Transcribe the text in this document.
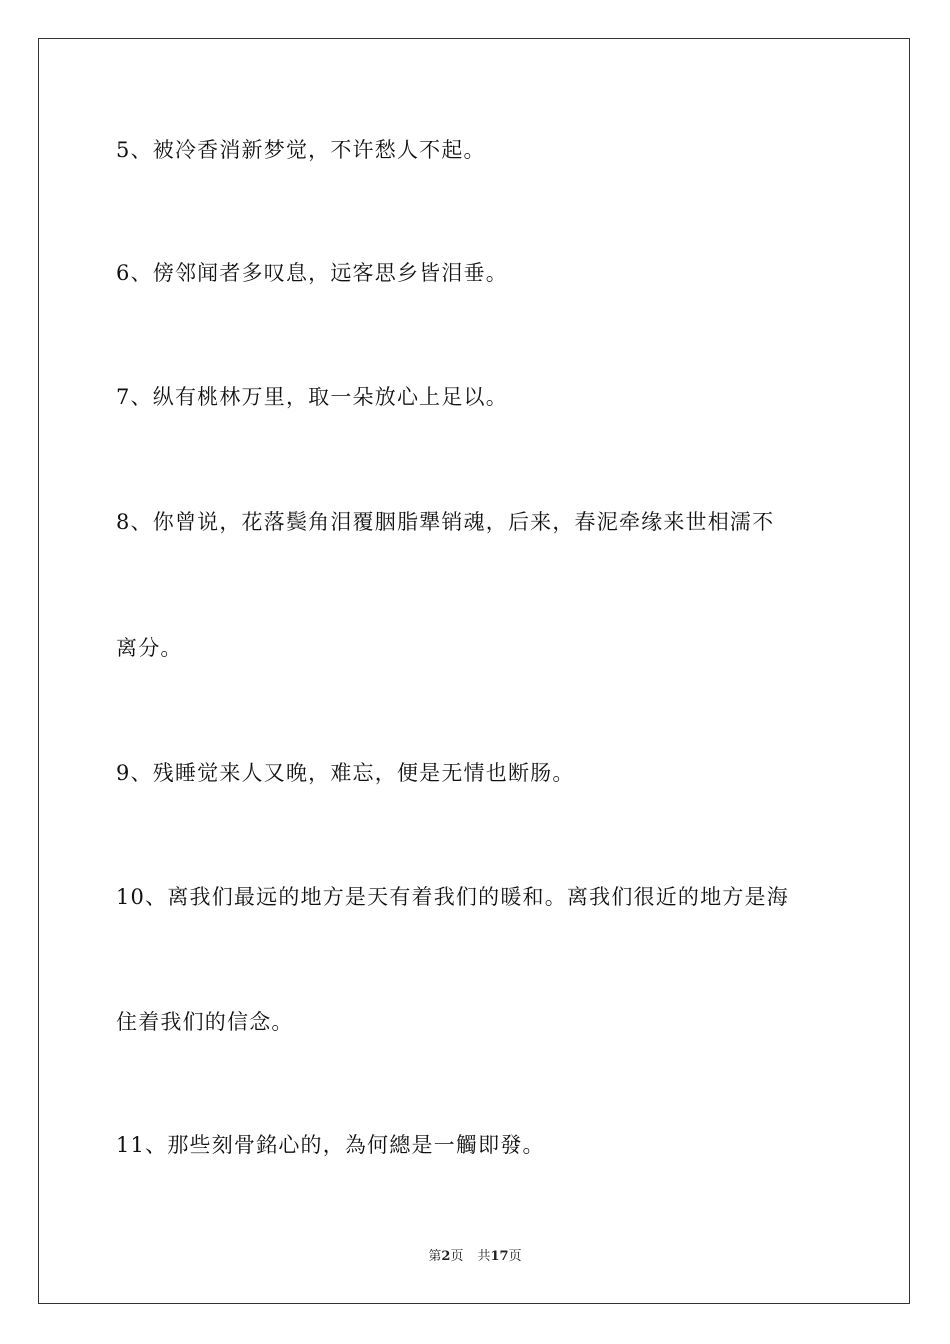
5、被冷香消新梦觉，不许愁人不起。
6、傍邻闻者多叹息，远客思乡皆泪垂。
7、纵有桃林万里，取一朵放心上足以。
8、你曾说，花落鬓角泪覆胭脂犟销魂，后来，春泥牵缘来世相濡不
离分。
9、残睡觉来人又晚，难忘，便是无情也断肠。
10、离我们最远的地方是天有着我们的暖和。离我们很近的地方是海
住着我们的信念。
11、那些刻骨銘心的，為何總是一觸即發。
第2页 共17页
